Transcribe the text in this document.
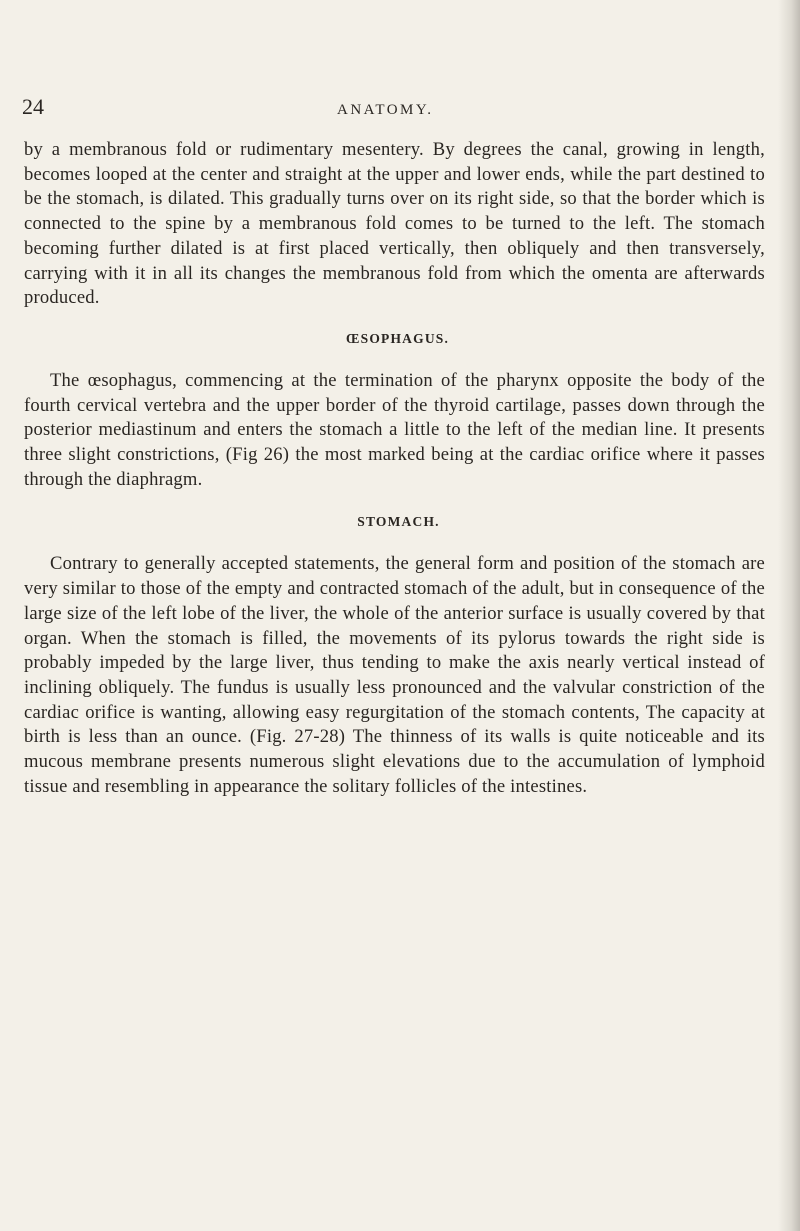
24	ANATOMY.

by a membranous fold or rudimentary mesentery. By degrees the canal, growing in length, becomes looped at the center and straight at the upper and lower ends, while the part destined to be the stomach, is dilated. This gradually turns over on its right side, so that the border which is connected to the spine by a membranous fold comes to be turned to the left. The stomach becoming further dilated is at first placed vertically, then obliquely and then transversely, carrying with it in all its changes the membranous fold from which the omenta are afterwards produced.

ŒSOPHAGUS.

The œsophagus, commencing at the termination of the pharynx opposite the body of the fourth cervical vertebra and the upper border of the thyroid cartilage, passes down through the posterior mediastinum and enters the stomach a little to the left of the median line. It presents three slight constrictions, (Fig 26) the most marked being at the cardiac orifice where it passes through the diaphragm.

STOMACH.

Contrary to generally accepted statements, the general form and position of the stomach are very similar to those of the empty and contracted stomach of the adult, but in consequence of the large size of the left lobe of the liver, the whole of the anterior surface is usually covered by that organ. When the stomach is filled, the movements of its pylorus towards the right side is probably impeded by the large liver, thus tending to make the axis nearly vertical instead of inclining obliquely. The fundus is usually less pronounced and the valvular constriction of the cardiac orifice is wanting, allowing easy regurgitation of the stomach contents, The capacity at birth is less than an ounce. (Fig. 27-28) The thinness of its walls is quite noticeable and its mucous membrane presents numerous slight elevations due to the accumulation of lymphoid tissue and resembling in appearance the solitary follicles of the intestines.
